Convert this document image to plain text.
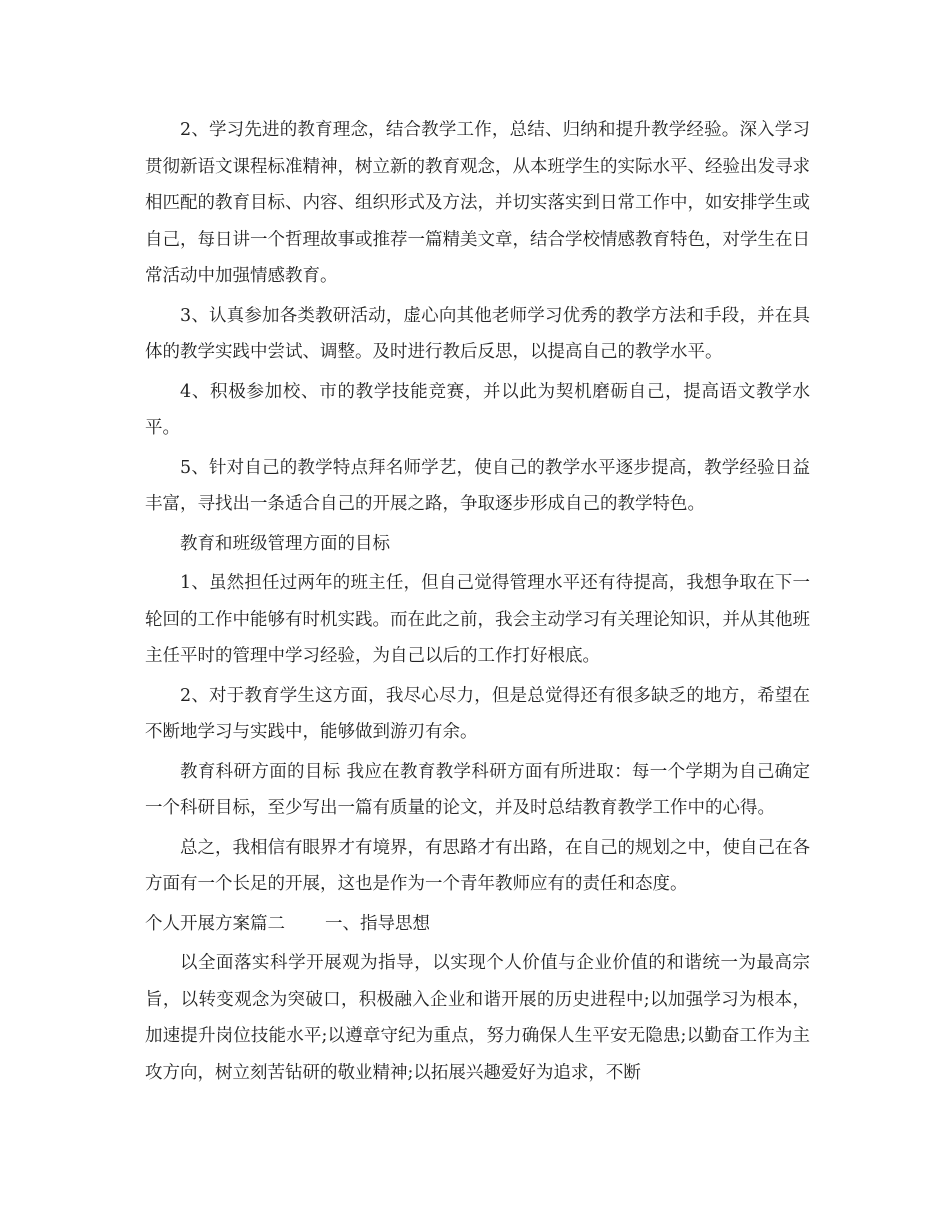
2、学习先进的教育理念，结合教学工作，总结、归纳和提升教学经验。深入学习贯彻新语文课程标准精神，树立新的教育观念，从本班学生的实际水平、经验出发寻求相匹配的教育目标、内容、组织形式及方法，并切实落实到日常工作中，如安排学生或自己，每日讲一个哲理故事或推荐一篇精美文章，结合学校情感教育特色，对学生在日常活动中加强情感教育。

3、认真参加各类教研活动，虚心向其他老师学习优秀的教学方法和手段，并在具体的教学实践中尝试、调整。及时进行教后反思，以提高自己的教学水平。

4、积极参加校、市的教学技能竞赛，并以此为契机磨砺自己，提高语文教学水平。

5、针对自己的教学特点拜名师学艺，使自己的教学水平逐步提高，教学经验日益丰富，寻找出一条适合自己的开展之路，争取逐步形成自己的教学特色。

教育和班级管理方面的目标

1、虽然担任过两年的班主任，但自己觉得管理水平还有待提高，我想争取在下一轮回的工作中能够有时机实践。而在此之前，我会主动学习有关理论知识，并从其他班主任平时的管理中学习经验，为自己以后的工作打好根底。

2、对于教育学生这方面，我尽心尽力，但是总觉得还有很多缺乏的地方，希望在不断地学习与实践中，能够做到游刃有余。

教育科研方面的目标 我应在教育教学科研方面有所进取：每一个学期为自己确定一个科研目标，至少写出一篇有质量的论文，并及时总结教育教学工作中的心得。

总之，我相信有眼界才有境界，有思路才有出路，在自己的规划之中，使自己在各方面有一个长足的开展，这也是作为一个青年教师应有的责任和态度。

个人开展方案篇二 一、指导思想

以全面落实科学开展观为指导，以实现个人价值与企业价值的和谐统一为最高宗旨，以转变观念为突破口，积极融入企业和谐开展的历史进程中;以加强学习为根本，加速提升岗位技能水平;以遵章守纪为重点，努力确保人生平安无隐患;以勤奋工作为主攻方向，树立刻苦钻研的敬业精神;以拓展兴趣爱好为追求，不断
